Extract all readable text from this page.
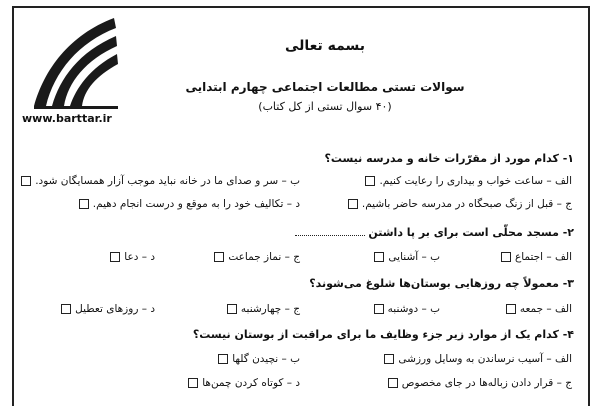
www.barttar.ir
بسمه تعالی
سوالات تستی مطالعات اجتماعی چهارم ابتدایی
(۴۰ سوال تستی از کل کتاب)
۱- کدام مورد از مقرّرات خانه و مدرسه نیست؟
الف – ساعت خواب و بیداری را رعایت کنیم.
ب – سر و صدای ما در خانه نباید موجب آزار همسایگان شود.
ج – قبل از زنگ صبحگاه در مدرسه حاضر باشیم.
د – تکالیف خود را به موقع و درست انجام دهیم.
۲- مسجد محلّی است برای بر پا داشتن
الف – اجتماع
ب – آشنایی
ج – نماز جماعت
د – دعا
۳- معمولاً چه روزهایی بوستان‌ها شلوغ می‌شوند؟
الف – جمعه
ب – دوشنبه
ج – چهارشنبه
د – روزهای تعطیل
۴- کدام یک از موارد زیر جزء وظایف ما برای مراقبت از بوستان نیست؟
الف – آسیب نرساندن به وسایل ورزشی
ب – نچیدن گلها
ج – قرار دادن زباله‌ها در جای مخصوص
د – کوتاه کردن چمن‌ها
